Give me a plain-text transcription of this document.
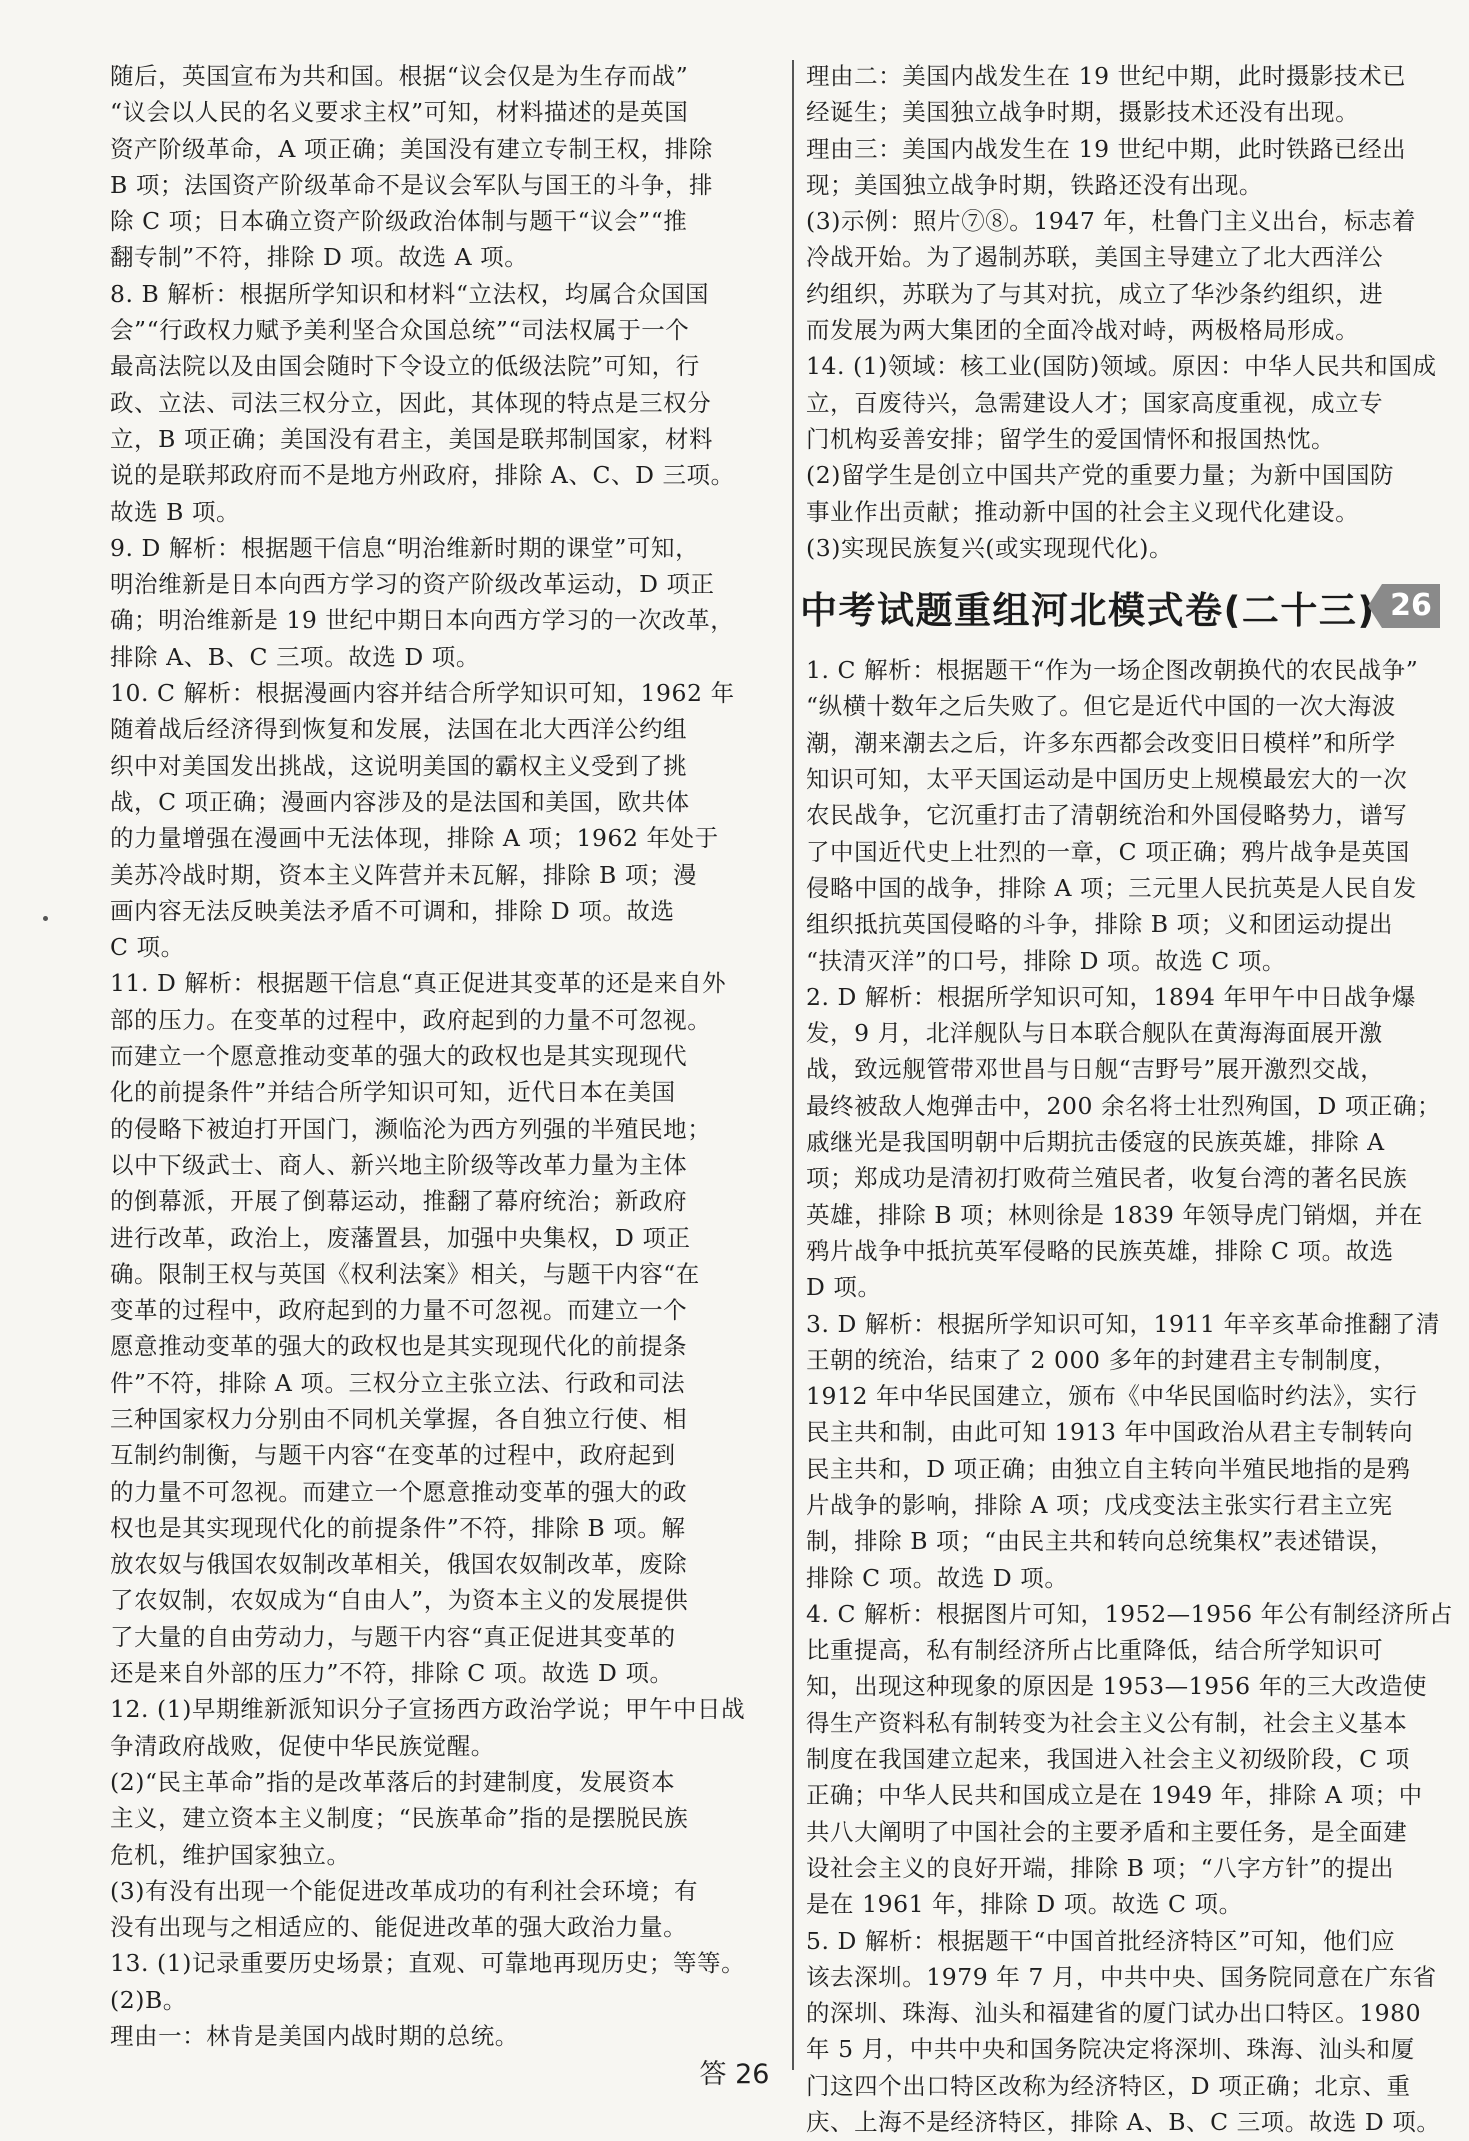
随后，英国宣布为共和国。根据“议会仅是为生存而战”

“议会以人民的名义要求主权”可知，材料描述的是英国

资产阶级革命，A 项正确；美国没有建立专制王权，排除

B 项；法国资产阶级革命不是议会军队与国王的斗争，排

除 C 项；日本确立资产阶级政治体制与题干“议会”“推

翻专制”不符，排除 D 项。故选 A 项。

8. B 解析：根据所学知识和材料“立法权，均属合众国国

会”“行政权力赋予美利坚合众国总统”“司法权属于一个

最高法院以及由国会随时下令设立的低级法院”可知，行

政、立法、司法三权分立，因此，其体现的特点是三权分

立，B 项正确；美国没有君主，美国是联邦制国家，材料

说的是联邦政府而不是地方州政府，排除 A、C、D 三项。

故选 B 项。

9. D 解析：根据题干信息“明治维新时期的课堂”可知，

明治维新是日本向西方学习的资产阶级改革运动，D 项正

确；明治维新是 19 世纪中期日本向西方学习的一次改革，

排除 A、B、C 三项。故选 D 项。

10. C 解析：根据漫画内容并结合所学知识可知，1962 年

随着战后经济得到恢复和发展，法国在北大西洋公约组

织中对美国发出挑战，这说明美国的霸权主义受到了挑

战，C 项正确；漫画内容涉及的是法国和美国，欧共体

的力量增强在漫画中无法体现，排除 A 项；1962 年处于

美苏冷战时期，资本主义阵营并未瓦解，排除 B 项；漫

画内容无法反映美法矛盾不可调和，排除 D 项。故选

C 项。

11. D 解析：根据题干信息“真正促进其变革的还是来自外

部的压力。在变革的过程中，政府起到的力量不可忽视。

而建立一个愿意推动变革的强大的政权也是其实现现代

化的前提条件”并结合所学知识可知，近代日本在美国

的侵略下被迫打开国门，濒临沦为西方列强的半殖民地；

以中下级武士、商人、新兴地主阶级等改革力量为主体

的倒幕派，开展了倒幕运动，推翻了幕府统治；新政府

进行改革，政治上，废藩置县，加强中央集权，D 项正

确。限制王权与英国《权利法案》相关，与题干内容“在

变革的过程中，政府起到的力量不可忽视。而建立一个

愿意推动变革的强大的政权也是其实现现代化的前提条

件”不符，排除 A 项。三权分立主张立法、行政和司法

三种国家权力分别由不同机关掌握，各自独立行使、相

互制约制衡，与题干内容“在变革的过程中，政府起到

的力量不可忽视。而建立一个愿意推动变革的强大的政

权也是其实现现代化的前提条件”不符，排除 B 项。解

放农奴与俄国农奴制改革相关，俄国农奴制改革，废除

了农奴制，农奴成为“自由人”，为资本主义的发展提供

了大量的自由劳动力，与题干内容“真正促进其变革的

还是来自外部的压力”不符，排除 C 项。故选 D 项。

12. (1)早期维新派知识分子宣扬西方政治学说；甲午中日战

争清政府战败，促使中华民族觉醒。

(2)“民主革命”指的是改革落后的封建制度，发展资本

主义，建立资本主义制度；“民族革命”指的是摆脱民族

危机，维护国家独立。

(3)有没有出现一个能促进改革成功的有利社会环境；有

没有出现与之相适应的、能促进改革的强大政治力量。

13. (1)记录重要历史场景；直观、可靠地再现历史；等等。

(2)B。

理由一：林肯是美国内战时期的总统。

理由二：美国内战发生在 19 世纪中期，此时摄影技术已

经诞生；美国独立战争时期，摄影技术还没有出现。

理由三：美国内战发生在 19 世纪中期，此时铁路已经出

现；美国独立战争时期，铁路还没有出现。

(3)示例：照片⑦⑧。1947 年，杜鲁门主义出台，标志着

冷战开始。为了遏制苏联，美国主导建立了北大西洋公

约组织，苏联为了与其对抗，成立了华沙条约组织，进

而发展为两大集团的全面冷战对峙，两极格局形成。

14. (1)领域：核工业(国防)领域。原因：中华人民共和国成

立，百废待兴，急需建设人才；国家高度重视，成立专

门机构妥善安排；留学生的爱国情怀和报国热忱。

(2)留学生是创立中国共产党的重要力量；为新中国国防

事业作出贡献；推动新中国的社会主义现代化建设。

(3)实现民族复兴(或实现现代化)。

中考试题重组河北模式卷(二十三) 26

1. C 解析：根据题干“作为一场企图改朝换代的农民战争”

“纵横十数年之后失败了。但它是近代中国的一次大海波

潮，潮来潮去之后，许多东西都会改变旧日模样”和所学

知识可知，太平天国运动是中国历史上规模最宏大的一次

农民战争，它沉重打击了清朝统治和外国侵略势力，谱写

了中国近代史上壮烈的一章，C 项正确；鸦片战争是英国

侵略中国的战争，排除 A 项；三元里人民抗英是人民自发

组织抵抗英国侵略的斗争，排除 B 项；义和团运动提出

“扶清灭洋”的口号，排除 D 项。故选 C 项。

2. D 解析：根据所学知识可知，1894 年甲午中日战争爆

发，9 月，北洋舰队与日本联合舰队在黄海海面展开激

战，致远舰管带邓世昌与日舰“吉野号”展开激烈交战，

最终被敌人炮弹击中，200 余名将士壮烈殉国，D 项正确；

戚继光是我国明朝中后期抗击倭寇的民族英雄，排除 A

项；郑成功是清初打败荷兰殖民者，收复台湾的著名民族

英雄，排除 B 项；林则徐是 1839 年领导虎门销烟，并在

鸦片战争中抵抗英军侵略的民族英雄，排除 C 项。故选

D 项。

3. D 解析：根据所学知识可知，1911 年辛亥革命推翻了清

王朝的统治，结束了 2 000 多年的封建君主专制制度，

1912 年中华民国建立，颁布《中华民国临时约法》，实行

民主共和制，由此可知 1913 年中国政治从君主专制转向

民主共和，D 项正确；由独立自主转向半殖民地指的是鸦

片战争的影响，排除 A 项；戊戌变法主张实行君主立宪

制，排除 B 项；“由民主共和转向总统集权”表述错误，

排除 C 项。故选 D 项。

4. C 解析：根据图片可知，1952—1956 年公有制经济所占

比重提高，私有制经济所占比重降低，结合所学知识可

知，出现这种现象的原因是 1953—1956 年的三大改造使

得生产资料私有制转变为社会主义公有制，社会主义基本

制度在我国建立起来，我国进入社会主义初级阶段，C 项

正确；中华人民共和国成立是在 1949 年，排除 A 项；中

共八大阐明了中国社会的主要矛盾和主要任务，是全面建

设社会主义的良好开端，排除 B 项；“八字方针”的提出

是在 1961 年，排除 D 项。故选 C 项。

5. D 解析：根据题干“中国首批经济特区”可知，他们应

该去深圳。1979 年 7 月，中共中央、国务院同意在广东省

的深圳、珠海、汕头和福建省的厦门试办出口特区。1980

年 5 月，中共中央和国务院决定将深圳、珠海、汕头和厦

门这四个出口特区改称为经济特区，D 项正确；北京、重

庆、上海不是经济特区，排除 A、B、C 三项。故选 D 项。

答 26
